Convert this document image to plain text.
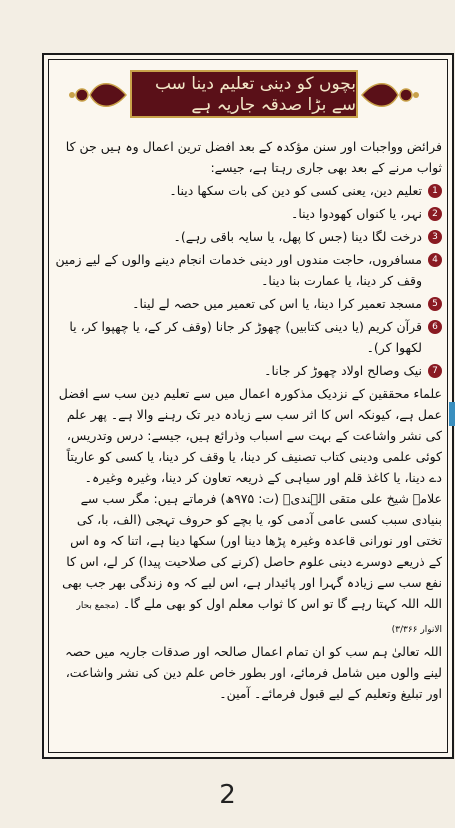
بچوں کو دینی تعلیم دینا سب سے بڑا صدقہ جاریہ ہے

فرائض وواجبات اور سنن مؤکدہ کے بعد افضل ترین اعمال وہ ہیں جن کا ثواب مرنے کے بعد بھی جاری رہتا ہے، جیسے:

1
تعلیم دین، یعنی کسی کو دین کی بات سکھا دینا۔
2
نہر، یا کنواں کھودوا دینا۔
3
درخت لگا دینا (جس کا پھل، یا سایہ باقی رہے)۔
4
مسافروں، حاجت مندوں اور دینی خدمات انجام دینے والوں کے لیے زمین وقف کر دینا، یا عمارت بنا دینا۔
5
مسجد تعمیر کرا دینا، یا اس کی تعمیر میں حصہ لے لینا۔
6
قرآن کریم (یا دینی کتابیں) چھوڑ کر جانا (وقف کر کے، یا چھپوا کر، یا لکھوا کر)۔
7
نیک وصالح اولاد چھوڑ کر جانا۔

علماء محققین کے نزدیک مذکورہ اعمال میں سے تعلیم دین سب سے افضل عمل ہے، کیونکہ اس کا اثر سب سے زیادہ دیر تک رہنے والا ہے۔ پھر علم کی نشر واشاعت کے بہت سے اسباب وذرائع ہیں، جیسے: درس وتدریس، کوئی علمی ودینی کتاب تصنیف کر دینا، یا وقف کر دینا، یا کسی کو عاریتاً دے دینا، یا کاغذ قلم اور سیاہی کے ذریعہ تعاون کر دینا، وغیرہ وغیرہ۔

علامہ شیخ علی متقی الہندیؒ (ت: ۹۷۵ھ) فرماتے ہیں: مگر سب سے بنیادی سبب کسی عامی آدمی کو، یا بچے کو حروف تہجی (الف، با، کی تختی اور نورانی قاعدہ وغیرہ پڑھا دینا اور) سکھا دینا ہے، اتنا کہ وہ اس کے ذریعے دوسرے دینی علوم حاصل (کرنے کی صلاحیت پیدا) کر لے، اس کا نفع سب سے زیادہ گہرا اور پائیدار ہے، اس لیے کہ وہ زندگی بھر جب بھی اللہ اللہ کہتا رہے گا تو اس کا ثواب معلم اول کو بھی ملے گا۔ (مجمع بحار الانوار ۳/۳۶۶)

اللہ تعالیٰ ہم سب کو ان تمام اعمال صالحہ اور صدقات جاریہ میں حصہ لینے والوں میں شامل فرمائے، اور بطور خاص علم دین کی نشر واشاعت، اور تبلیغ وتعلیم کے لیے قبول فرمائے۔ آمین۔

2
